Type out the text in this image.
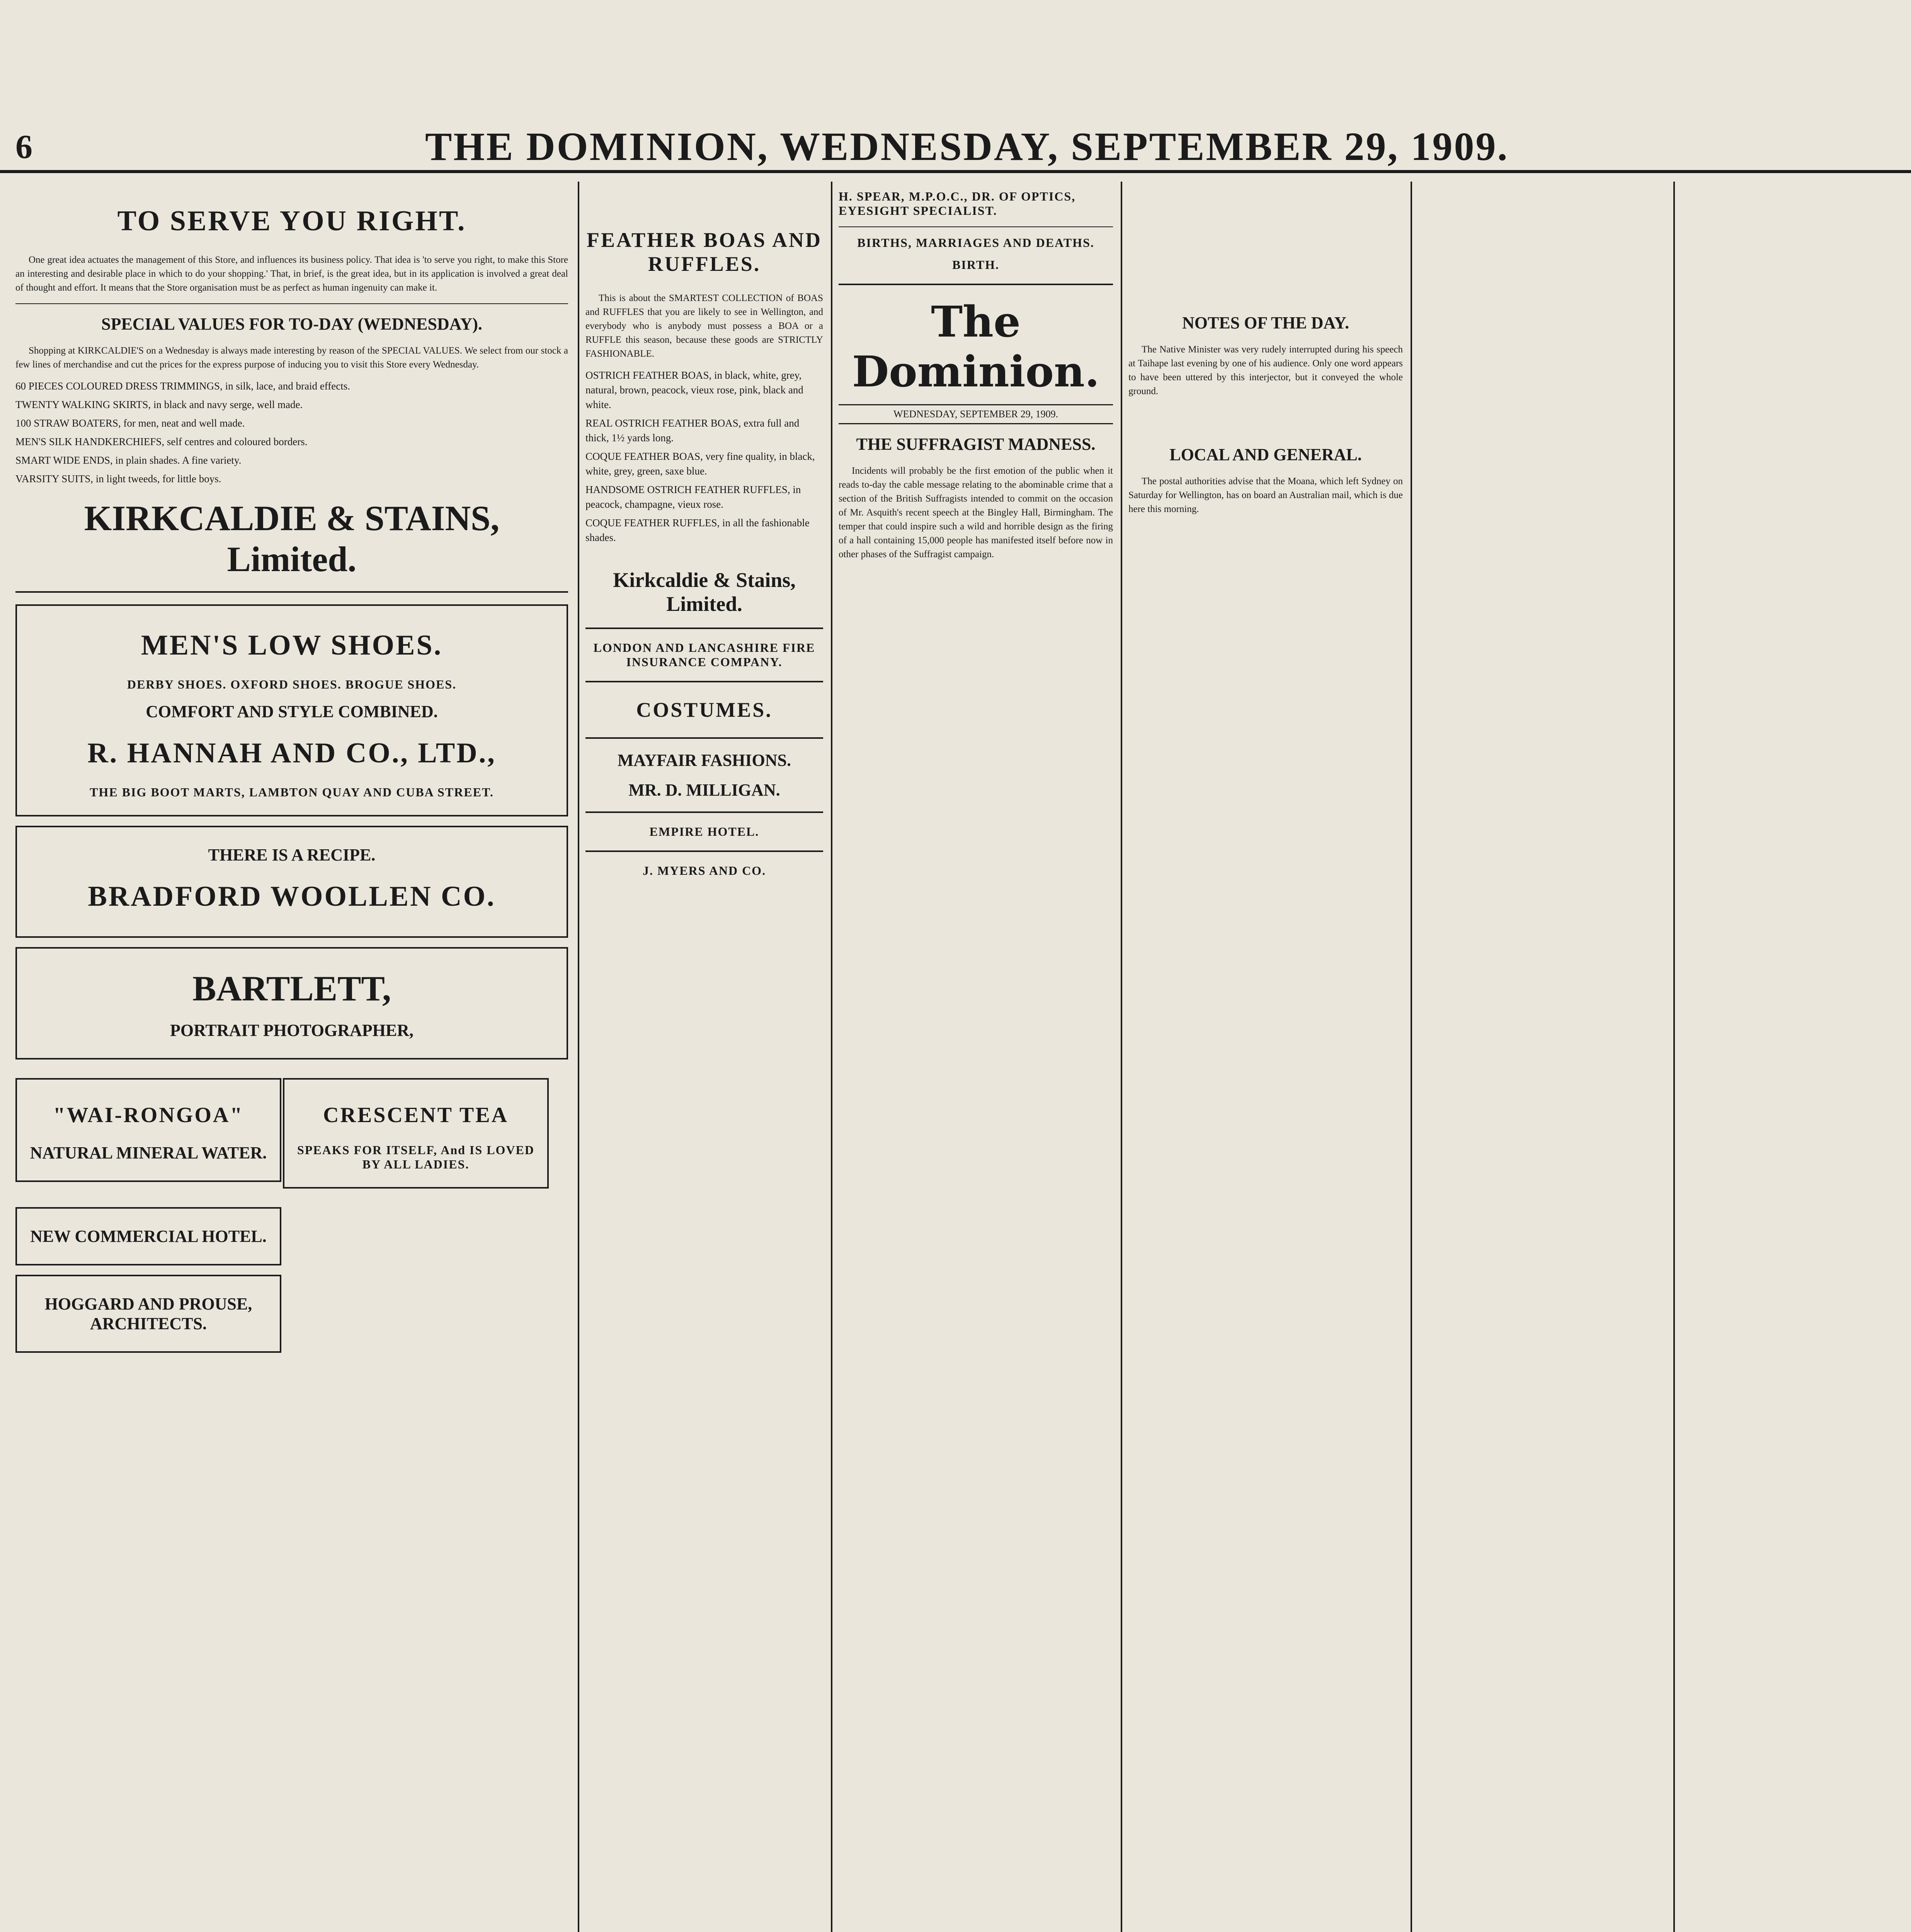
6	THE DOMINION, WEDNESDAY, SEPTEMBER 29, 1909.
TO SERVE YOU RIGHT.

One great idea actuates the management of this Store, and influences its business policy. That idea is 'to serve you right, to make this Store an interesting and desirable place in which to do your shopping.' That, in brief, is the great idea, but in its application is involved a great deal of thought and effort. It means that the Store organisation must be as perfect as human ingenuity can make it.

SPECIAL VALUES FOR TO-DAY (WEDNESDAY).

Shopping at KIRKCALDIE'S on a Wednesday is always made interesting by reason of the SPECIAL VALUES. We select from our stock a few lines of merchandise and cut the prices for the express purpose of inducing you to visit this Store every Wednesday.

60 PIECES COLOURED DRESS TRIMMINGS, in silk, lace, and braid effects.
TWENTY WALKING SKIRTS, in black and navy serge, well made.
100 STRAW BOATERS, for men, neat and well made.
MEN'S SILK HANDKERCHIEFS, self centres and coloured borders.
SMART WIDE ENDS, in plain shades. A fine variety.
VARSITY SUITS, in light tweeds, for little boys.
KIRKCALDIE & STAINS, Limited.
MEN'S LOW SHOES.
DERBY SHOES. OXFORD SHOES. BROGUE SHOES.
COMFORT AND STYLE COMBINED.
R. HANNAH AND CO., LTD.,
THE BIG BOOT MARTS, LAMBTON QUAY AND CUBA STREET.
THERE IS A RECIPE.
BRADFORD WOOLLEN CO.
BARTLETT,
PORTRAIT PHOTOGRAPHER,
"WAI-RONGOA"
NATURAL MINERAL WATER.

CRESCENT TEA
SPEAKS FOR ITSELF, And IS LOVED BY ALL LADIES.
NEW COMMERCIAL HOTEL.
HOGGARD AND PROUSE, ARCHITECTS.
FEATHER BOAS AND RUFFLES.

This is about the SMARTEST COLLECTION of BOAS and RUFFLES that you are likely to see in Wellington, and everybody who is anybody must possess a BOA or a RUFFLE this season, because these goods are STRICTLY FASHIONABLE.

OSTRICH FEATHER BOAS, in black, white, grey, natural, brown, peacock, vieux rose, pink, black and white.
REAL OSTRICH FEATHER BOAS, extra full and thick, 1½ yards long.
COQUE FEATHER BOAS, very fine quality, in black, white, grey, green, saxe blue.
HANDSOME OSTRICH FEATHER RUFFLES, in peacock, champagne, vieux rose.
COQUE FEATHER RUFFLES, in all the fashionable shades.
Kirkcaldie & Stains, Limited.
LONDON AND LANCASHIRE FIRE INSURANCE COMPANY.
COSTUMES.
MAYFAIR FASHIONS.
MR. D. MILLIGAN.
EMPIRE HOTEL.
J. MYERS AND CO.
H. SPEAR, M.P.O.C., DR. OF OPTICS, EYESIGHT SPECIALIST.
BIRTHS, MARRIAGES AND DEATHS.
BIRTH.
The Dominion.
WEDNESDAY, SEPTEMBER 29, 1909.
THE SUFFRAGIST MADNESS.

Incidents will probably be the first emotion of the public when it reads to-day the cable message relating to the abominable crime that a section of the British Suffragists intended to commit on the occasion of Mr. Asquith's recent speech at the Bingley Hall, Birmingham. The temper that could inspire such a wild and horrible design as the firing of a hall containing 15,000 people has manifested itself before now in other phases of the Suffragist campaign.

NOTES OF THE DAY.

The Native Minister was very rudely interrupted during his speech at Taihape last evening by one of his audience. Only one word appears to have been uttered by this interjector, but it conveyed the whole ground.

LOCAL AND GENERAL.

The postal authorities advise that the Moana, which left Sydney on Saturday for Wellington, has on board an Australian mail, which is due here this morning.
